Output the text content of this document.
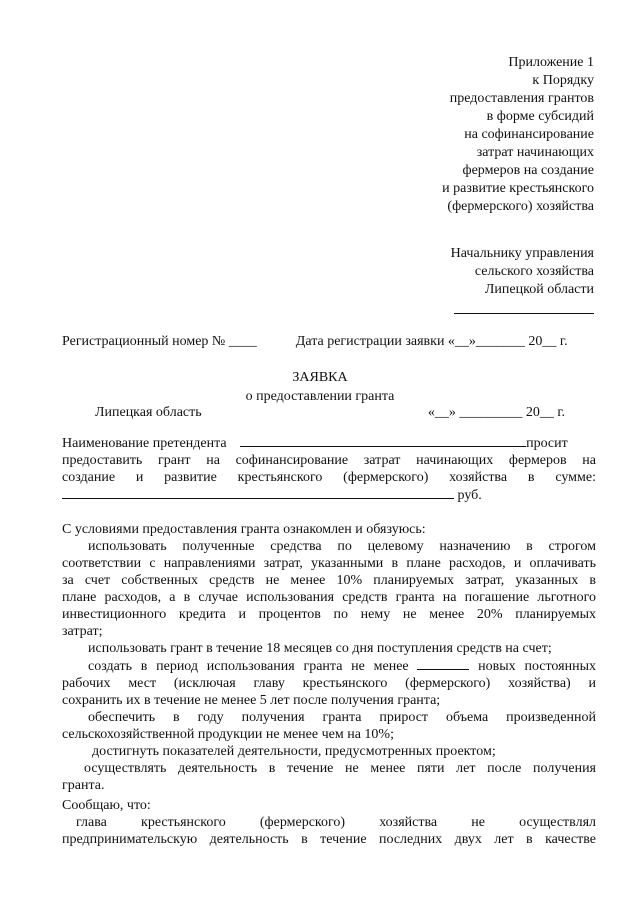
Приложение 1
к Порядку
предоставления грантов
в форме субсидий
на софинансирование
затрат начинающих
фермеров на создание
и развитие крестьянского
(фермерского) хозяйства
Начальнику управления
сельского хозяйства
Липецкой области
Регистрационный номер № ____	Дата регистрации заявки «__»_______ 20__ г.
ЗАЯВКА
о предоставлении гранта
Липецкая область	«__» _________ 20__ г.
Наименование претендента	просит
предоставить грант на софинансирование затрат начинающих фермеров на
создание и развитие крестьянского (фермерского) хозяйства в сумме:
руб.
С условиями предоставления гранта ознакомлен и обязуюсь:
использовать полученные средства по целевому назначению в строгом
соответствии с направлениями затрат, указанными в плане расходов, и оплачивать
за счет собственных средств не менее 10% планируемых затрат, указанных в
плане расходов, а в случае использования средств гранта на погашение льготного
инвестиционного кредита и процентов по нему не менее 20% планируемых
затрат;
использовать грант в течение 18 месяцев со дня поступления средств на счет;
создать в период использования гранта не менее	новых постоянных
рабочих мест (исключая главу крестьянского (фермерского) хозяйства) и
сохранить их в течение не менее 5 лет после получения гранта;
обеспечить в году получения гранта прирост объема произведенной
сельскохозяйственной продукции не менее чем на 10%;
достигнуть показателей деятельности, предусмотренных проектом;
осуществлять деятельность в течение не менее пяти лет после получения
гранта.
Сообщаю, что:
глава крестьянского (фермерского) хозяйства не осуществлял
предпринимательскую деятельность в течение последних двух лет в качестве
